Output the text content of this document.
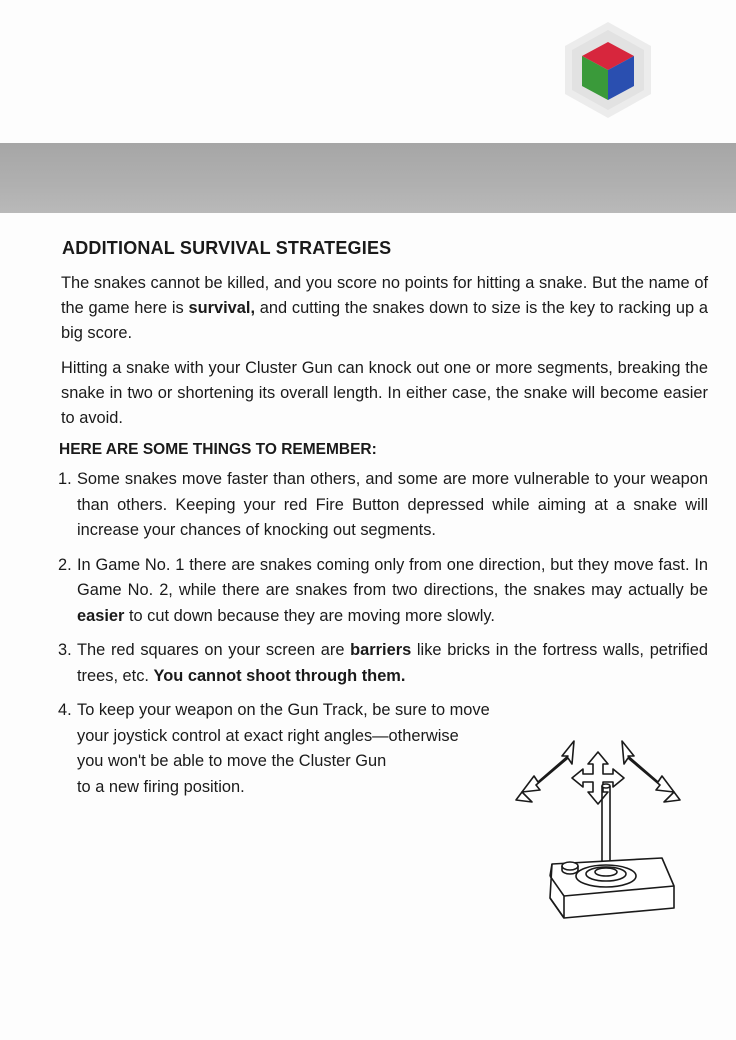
ADDITIONAL SURVIVAL STRATEGIES

The snakes cannot be killed, and you score no points for hitting a snake. But the name of the game here is survival, and cutting the snakes down to size is the key to racking up a big score.

Hitting a snake with your Cluster Gun can knock out one or more segments, breaking the snake in two or shortening its overall length. In either case, the snake will become easier to avoid.

HERE ARE SOME THINGS TO REMEMBER:
1. Some snakes move faster than others, and some are more vulnerable to your weapon than others. Keeping your red Fire Button depressed while aiming at a snake will increase your chances of knocking out segments.
2. In Game No. 1 there are snakes coming only from one direction, but they move fast. In Game No. 2, while there are snakes from two directions, the snakes may actually be easier to cut down because they are moving more slowly.
3. The red squares on your screen are barriers like bricks in the fortress walls, petrified trees, etc. You cannot shoot through them.
4. To keep your weapon on the Gun Track, be sure to move
your joystick control at exact right angles—otherwise
you won't be able to move the Cluster Gun
to a new firing position.
